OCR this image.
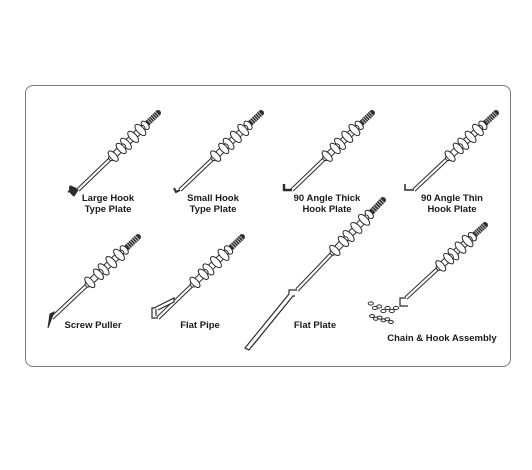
Large Hook
Type Plate
Small Hook
Type Plate
90 Angle Thick
Hook Plate
90 Angle Thin
Hook Plate
Screw Puller	Flat Pipe	Flat Plate
Chain & Hook Assembly
